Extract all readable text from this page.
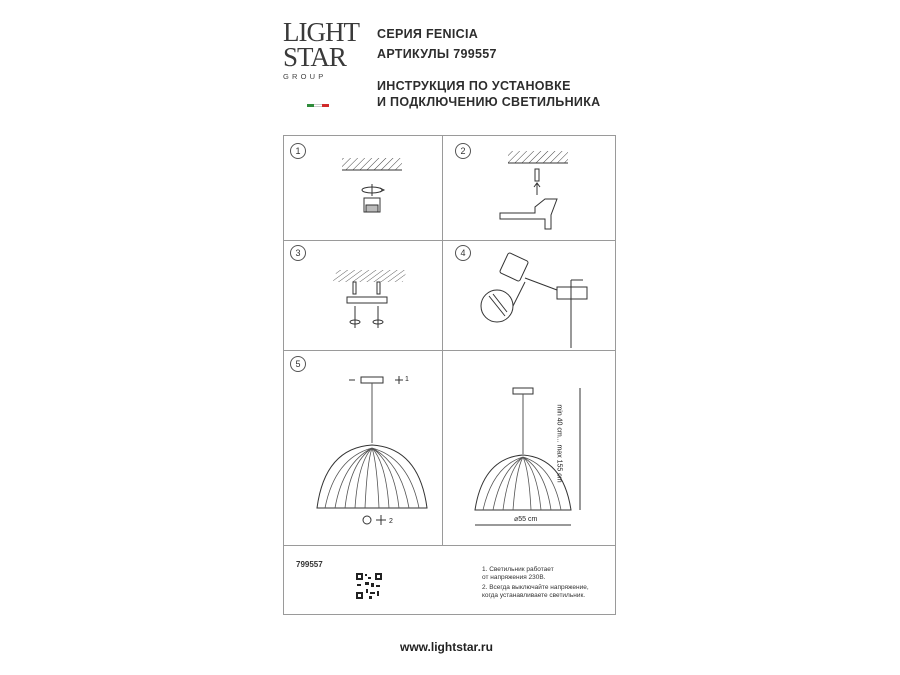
LIGHT
STAR
GROUP
СЕРИЯ FENICIA
АРТИКУЛЫ 799557
ИНСТРУКЦИЯ ПО УСТАНОВКЕ
И ПОДКЛЮЧЕНИЮ СВЕТИЛЬНИКА
1	2
3	4
5
1
2
min 40 cm... max 155 cm
⌀55 cm
799557
1. Светильник работает
от напряжения 230В.
2. Всегда выключайте напряжение,
когда устанавливаете светильник.
www.lightstar.ru
